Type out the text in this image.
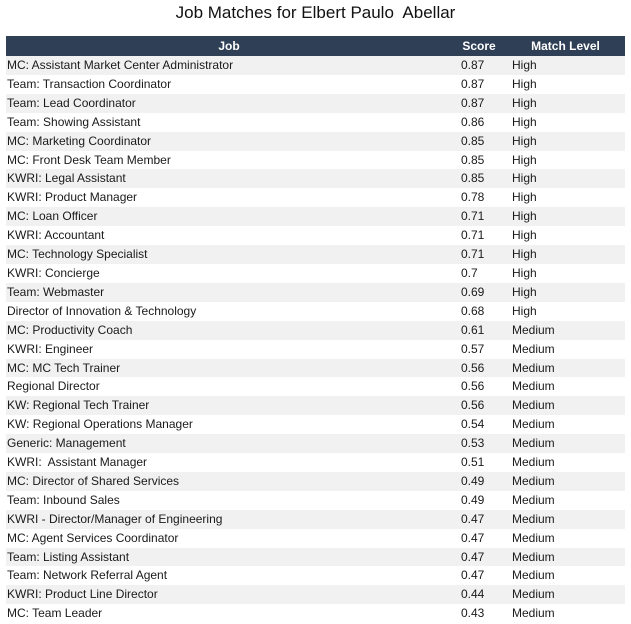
Job Matches for Elbert Paulo  Abellar
Job	Score	Match Level
MC: Assistant Market Center Administrator	0.87	High
Team: Transaction Coordinator	0.87	High
Team: Lead Coordinator	0.87	High
Team: Showing Assistant	0.86	High
MC: Marketing Coordinator	0.85	High
MC: Front Desk Team Member	0.85	High
KWRI: Legal Assistant	0.85	High
KWRI: Product Manager	0.78	High
MC: Loan Officer	0.71	High
KWRI: Accountant	0.71	High
MC: Technology Specialist	0.71	High
KWRI: Concierge	0.7	High
Team: Webmaster	0.69	High
Director of Innovation & Technology	0.68	High
MC: Productivity Coach	0.61	Medium
KWRI: Engineer	0.57	Medium
MC: MC Tech Trainer	0.56	Medium
Regional Director	0.56	Medium
KW: Regional Tech Trainer	0.56	Medium
KW: Regional Operations Manager	0.54	Medium
Generic: Management	0.53	Medium
KWRI:  Assistant Manager	0.51	Medium
MC: Director of Shared Services	0.49	Medium
Team: Inbound Sales	0.49	Medium
KWRI - Director/Manager of Engineering	0.47	Medium
MC: Agent Services Coordinator	0.47	Medium
Team: Listing Assistant	0.47	Medium
Team: Network Referral Agent	0.47	Medium
KWRI: Product Line Director	0.44	Medium
MC: Team Leader	0.43	Medium
